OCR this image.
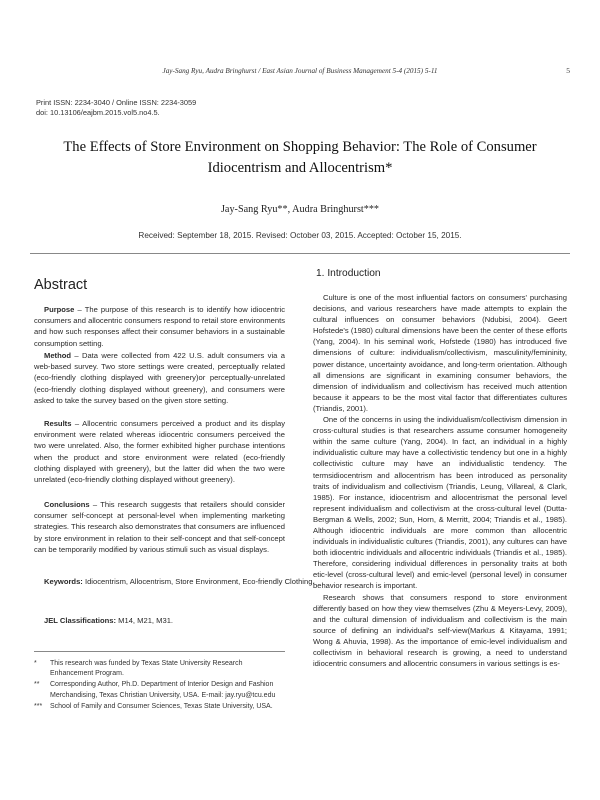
Jay-Sang Ryu, Audra Bringhurst / East Asian Journal of Business Management 5-4 (2015) 5-11	5
Print ISSN: 2234-3040 / Online ISSN: 2234-3059
doi: 10.13106/eajbm.2015.vol5.no4.5.
The Effects of Store Environment on Shopping Behavior: The Role of Consumer Idiocentrism and Allocentrism*
Jay-Sang Ryu**, Audra Bringhurst***
Received: September 18, 2015. Revised: October 03, 2015. Accepted: October 15, 2015.
Abstract

Purpose – The purpose of this research is to identify how idiocentric consumers and allocentric consumers respond to retail store environments and how such responses affect their consumer behaviors in a sustainable consumption setting.

Method – Data were collected from 422 U.S. adult consumers via a web-based survey. Two store settings were created, perceptually related (eco-friendly clothing displayed with greenery)or perceptually-unrelated (eco-friendly clothing displayed without greenery), and consumers were asked to take the survey based on the given store setting.

Results – Allocentric consumers perceived a product and its display environment were related whereas idiocentric consumers perceived the two were unrelated. Also, the former exhibited higher purchase intentions when the product and store environment were related (eco-friendly clothing displayed with greenery), but the latter did when the two were unrelated (eco-friendly clothing displayed without greenery).

Conclusions – This research suggests that retailers should consider consumer self-concept at personal-level when implementing marketing strategies. This research also demonstrates that consumers are influenced by store environment in relation to their self-concept and that self-concept can be temporarily modified by various stimuli such as visual displays.

Keywords: Idiocentrism, Allocentrism, Store Environment, Eco-friendly Clothing.
JEL Classifications: M14, M21, M31.
*	This research was funded by Texas State University Research Enhancement Program.
**	Corresponding Author, Ph.D. Department of Interior Design and Fashion Merchandising, Texas Christian University, USA. E-mail: jay.ryu@tcu.edu
***	School of Family and Consumer Sciences, Texas State University, USA.
1. Introduction

Culture is one of the most influential factors on consumers' purchasing decisions, and various researchers have made attempts to explain the cultural influences on consumer behaviors (Ndubisi, 2004). Geert Hofstede's (1980) cultural dimensions have been the center of these efforts (Yang, 2004). In his seminal work, Hofstede (1980) has introduced five dimensions of culture: individualism/collectivism, masculinity/femininity, power distance, uncertainty avoidance, and long-term orientation. Although all dimensions are significant in examining consumer behaviors, the dimension of individualism and collectivism has received much attention because it appears to be the most vital factor that differentiates cultures (Triandis, 2001).

One of the concerns in using the individualism/collectivism dimension in cross-cultural studies is that researchers assume consumer homogeneity within the same culture (Yang, 2004). In fact, an individual in a highly individualistic culture may have a collectivistic tendency but one in a highly collectivistic culture may have an individualistic tendency. The termsidiocentrism and allocentrism has been introduced as personality traits of individualism and collectivism (Triandis, Leung, Villareal, & Clark, 1985). For instance, idiocentrism and allocentrismat the personal level represent individualism and collectivism at the cross-cultural level (Dutta-Bergman & Wells, 2002; Sun, Horn, & Merritt, 2004; Triandis et al., 1985). Although idiocentric individuals are more common than allocentric individuals in individualistic cultures (Triandis, 2001), any cultures can have both idiocentric individuals and allocentric individuals (Triandis et al., 1985). Therefore, considering individual differences in personality traits at both etic-level (cross-cultural level) and emic-level (personal level) in consumer behavior research is important.

Research shows that consumers respond to store environment differently based on how they view themselves (Zhu & Meyers-Levy, 2009), and the cultural dimension of individualism and collectivism is the main source of defining an individual's self-view(Markus & Kitayama, 1991; Wong & Ahuvia, 1998). As the importance of emic-level individualism and collectivism in behavioral research is growing, a need to understand idiocentric consumers and allocentric consumers in various settings is es-
